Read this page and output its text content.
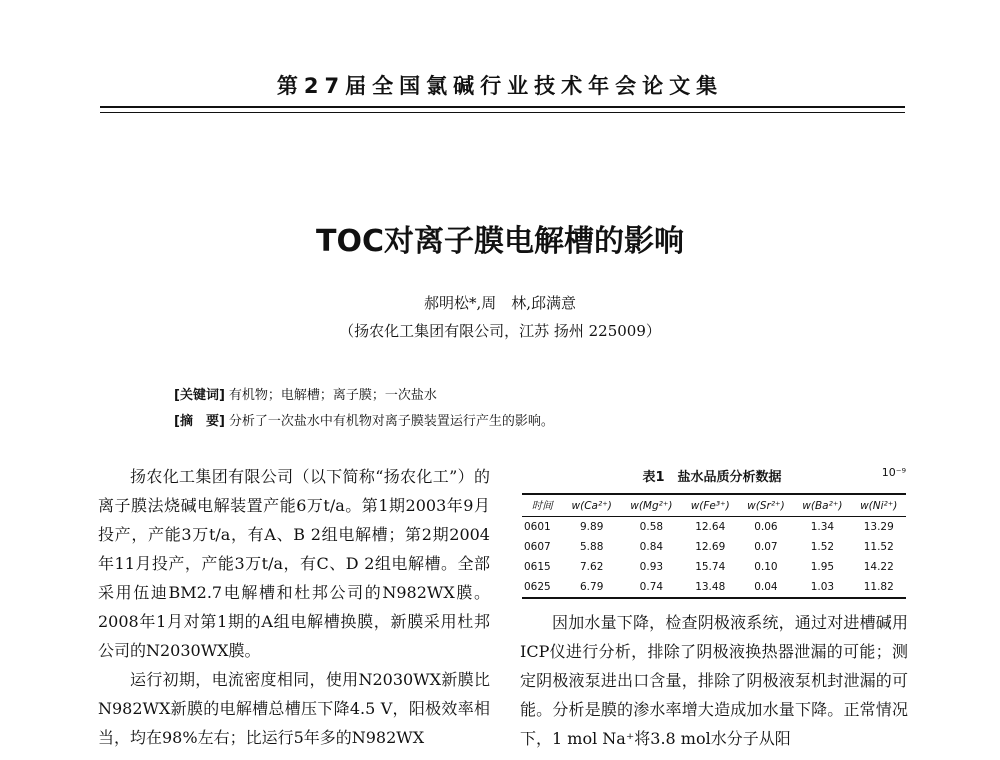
第27届全国氯碱行业技术年会论文集
TOC对离子膜电解槽的影响
郝明松*,周　林,邱满意
（扬农化工集团有限公司，江苏 扬州 225009）
[关键词] 有机物；电解槽；离子膜；一次盐水
[摘　要] 分析了一次盐水中有机物对离子膜装置运行产生的影响。

扬农化工集团有限公司（以下简称“扬农化工”）的离子膜法烧碱电解装置产能6万t/a。第1期2003年9月投产，产能3万t/a，有A、B 2组电解槽；第2期2004年11月投产，产能3万t/a，有C、D 2组电解槽。全部采用伍迪BM2.7电解槽和杜邦公司的N982WX膜。2008年1月对第1期的A组电解槽换膜，新膜采用杜邦公司的N2030WX膜。

运行初期，电流密度相同，使用N2030WX新膜比N982WX新膜的电解槽总槽压下降4.5 V，阳极效率相当，均在98%左右；比运行5年多的N982WX

表1　盐水品质分析数据	10⁻⁹
时间	w(Ca²⁺)	w(Mg²⁺)	w(Fe³⁺)	w(Sr²⁺)	w(Ba²⁺)	w(Ni²⁺)
0601	9.89	0.58	12.64	0.06	1.34	13.29
0607	5.88	0.84	12.69	0.07	1.52	11.52
0615	7.62	0.93	15.74	0.10	1.95	14.22
0625	6.79	0.74	13.48	0.04	1.03	11.82

因加水量下降，检查阴极液系统，通过对进槽碱用ICP仪进行分析，排除了阴极液换热器泄漏的可能；测定阴极液泵进出口含量，排除了阴极液泵机封泄漏的可能。分析是膜的渗水率增大造成加水量下降。正常情况下，1 mol Na⁺将3.8 mol水分子从阳
